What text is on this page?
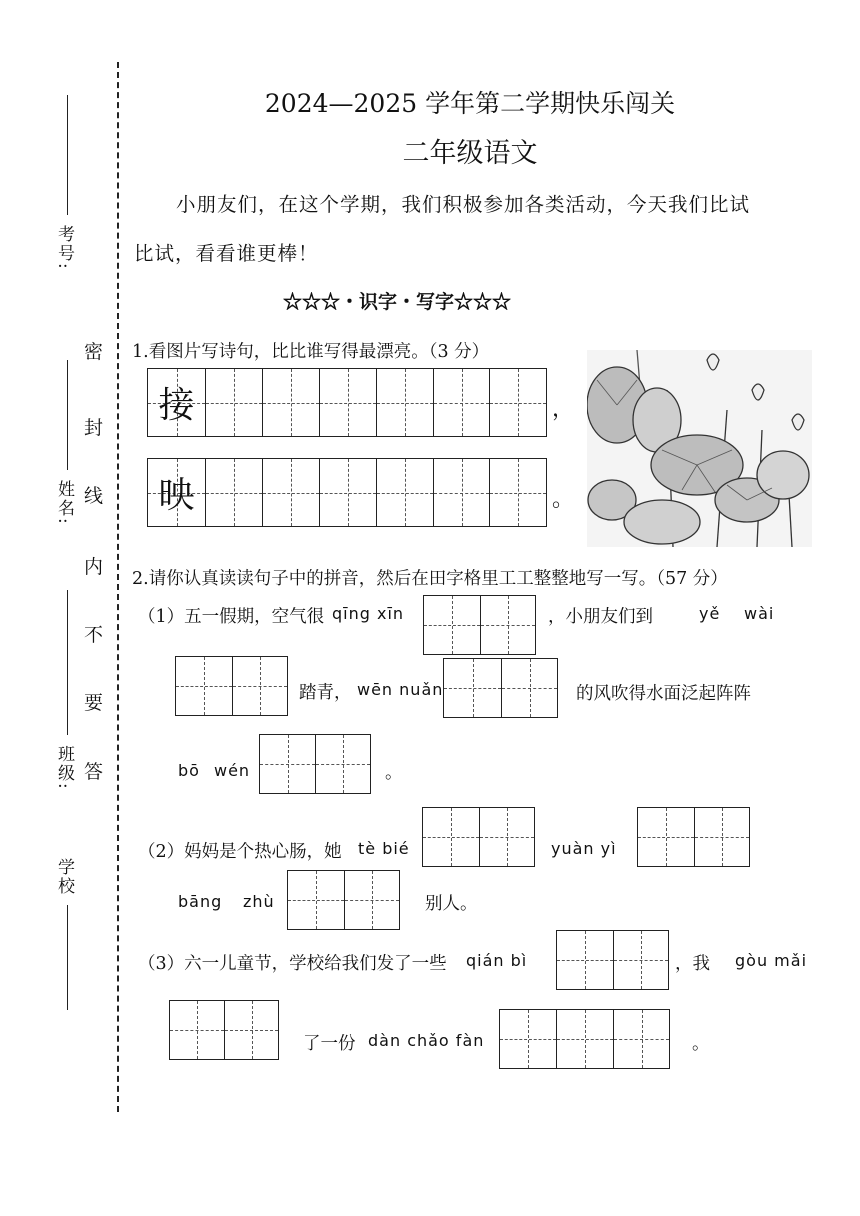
考号:
姓名:
班级:
学校
密
封
线
内
不
要
答
2024—2025 学年第二学期快乐闯关
二年级语文
小朋友们，在这个学期，我们积极参加各类活动，今天我们比试
比试，看看谁更棒！
☆☆☆・识字・写字☆☆☆
1.看图片写诗句，比比谁写得最漂亮。（3 分）
接	，
映	。
2.请你认真读读句子中的拼音，然后在田字格里工工整整地写一写。（57 分）
（1）五一假期，空气很 qīng xīn	，小朋友们到	yě wài
踏青， wēn nuǎn	的风吹得水面泛起阵阵
bō wén	。
（2）妈妈是个热心肠，她 tè bié	yuàn yì
bāng zhù	别人。
（3）六一儿童节，学校给我们发了一些 qián bì	，我 gòu mǎi
了一份 dàn chǎo fàn	。
